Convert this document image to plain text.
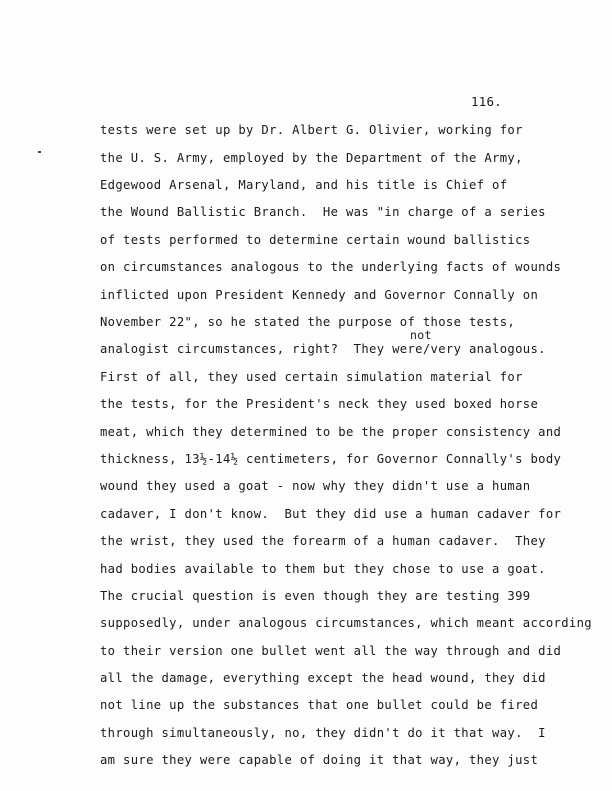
116.
tests were set up by Dr. Albert G. Olivier, working for
the U. S. Army, employed by the Department of the Army,
Edgewood Arsenal, Maryland, and his title is Chief of
the Wound Ballistic Branch.  He was "in charge of a series
of tests performed to determine certain wound ballistics
on circumstances analogous to the underlying facts of wounds
inflicted upon President Kennedy and Governor Connally on
November 22", so he stated the purpose of those tests,
not
analogist circumstances, right?  They were/very analogous.
First of all, they used certain simulation material for
the tests, for the President's neck they used boxed horse
meat, which they determined to be the proper consistency and
thickness, 13½-14½ centimeters, for Governor Connally's body
wound they used a goat - now why they didn't use a human
cadaver, I don't know.  But they did use a human cadaver for
the wrist, they used the forearm of a human cadaver.  They
had bodies available to them but they chose to use a goat.
The crucial question is even though they are testing 399
supposedly, under analogous circumstances, which meant according
to their version one bullet went all the way through and did
all the damage, everything except the head wound, they did
not line up the substances that one bullet could be fired
through simultaneously, no, they didn't do it that way.  I
am sure they were capable of doing it that way, they just
